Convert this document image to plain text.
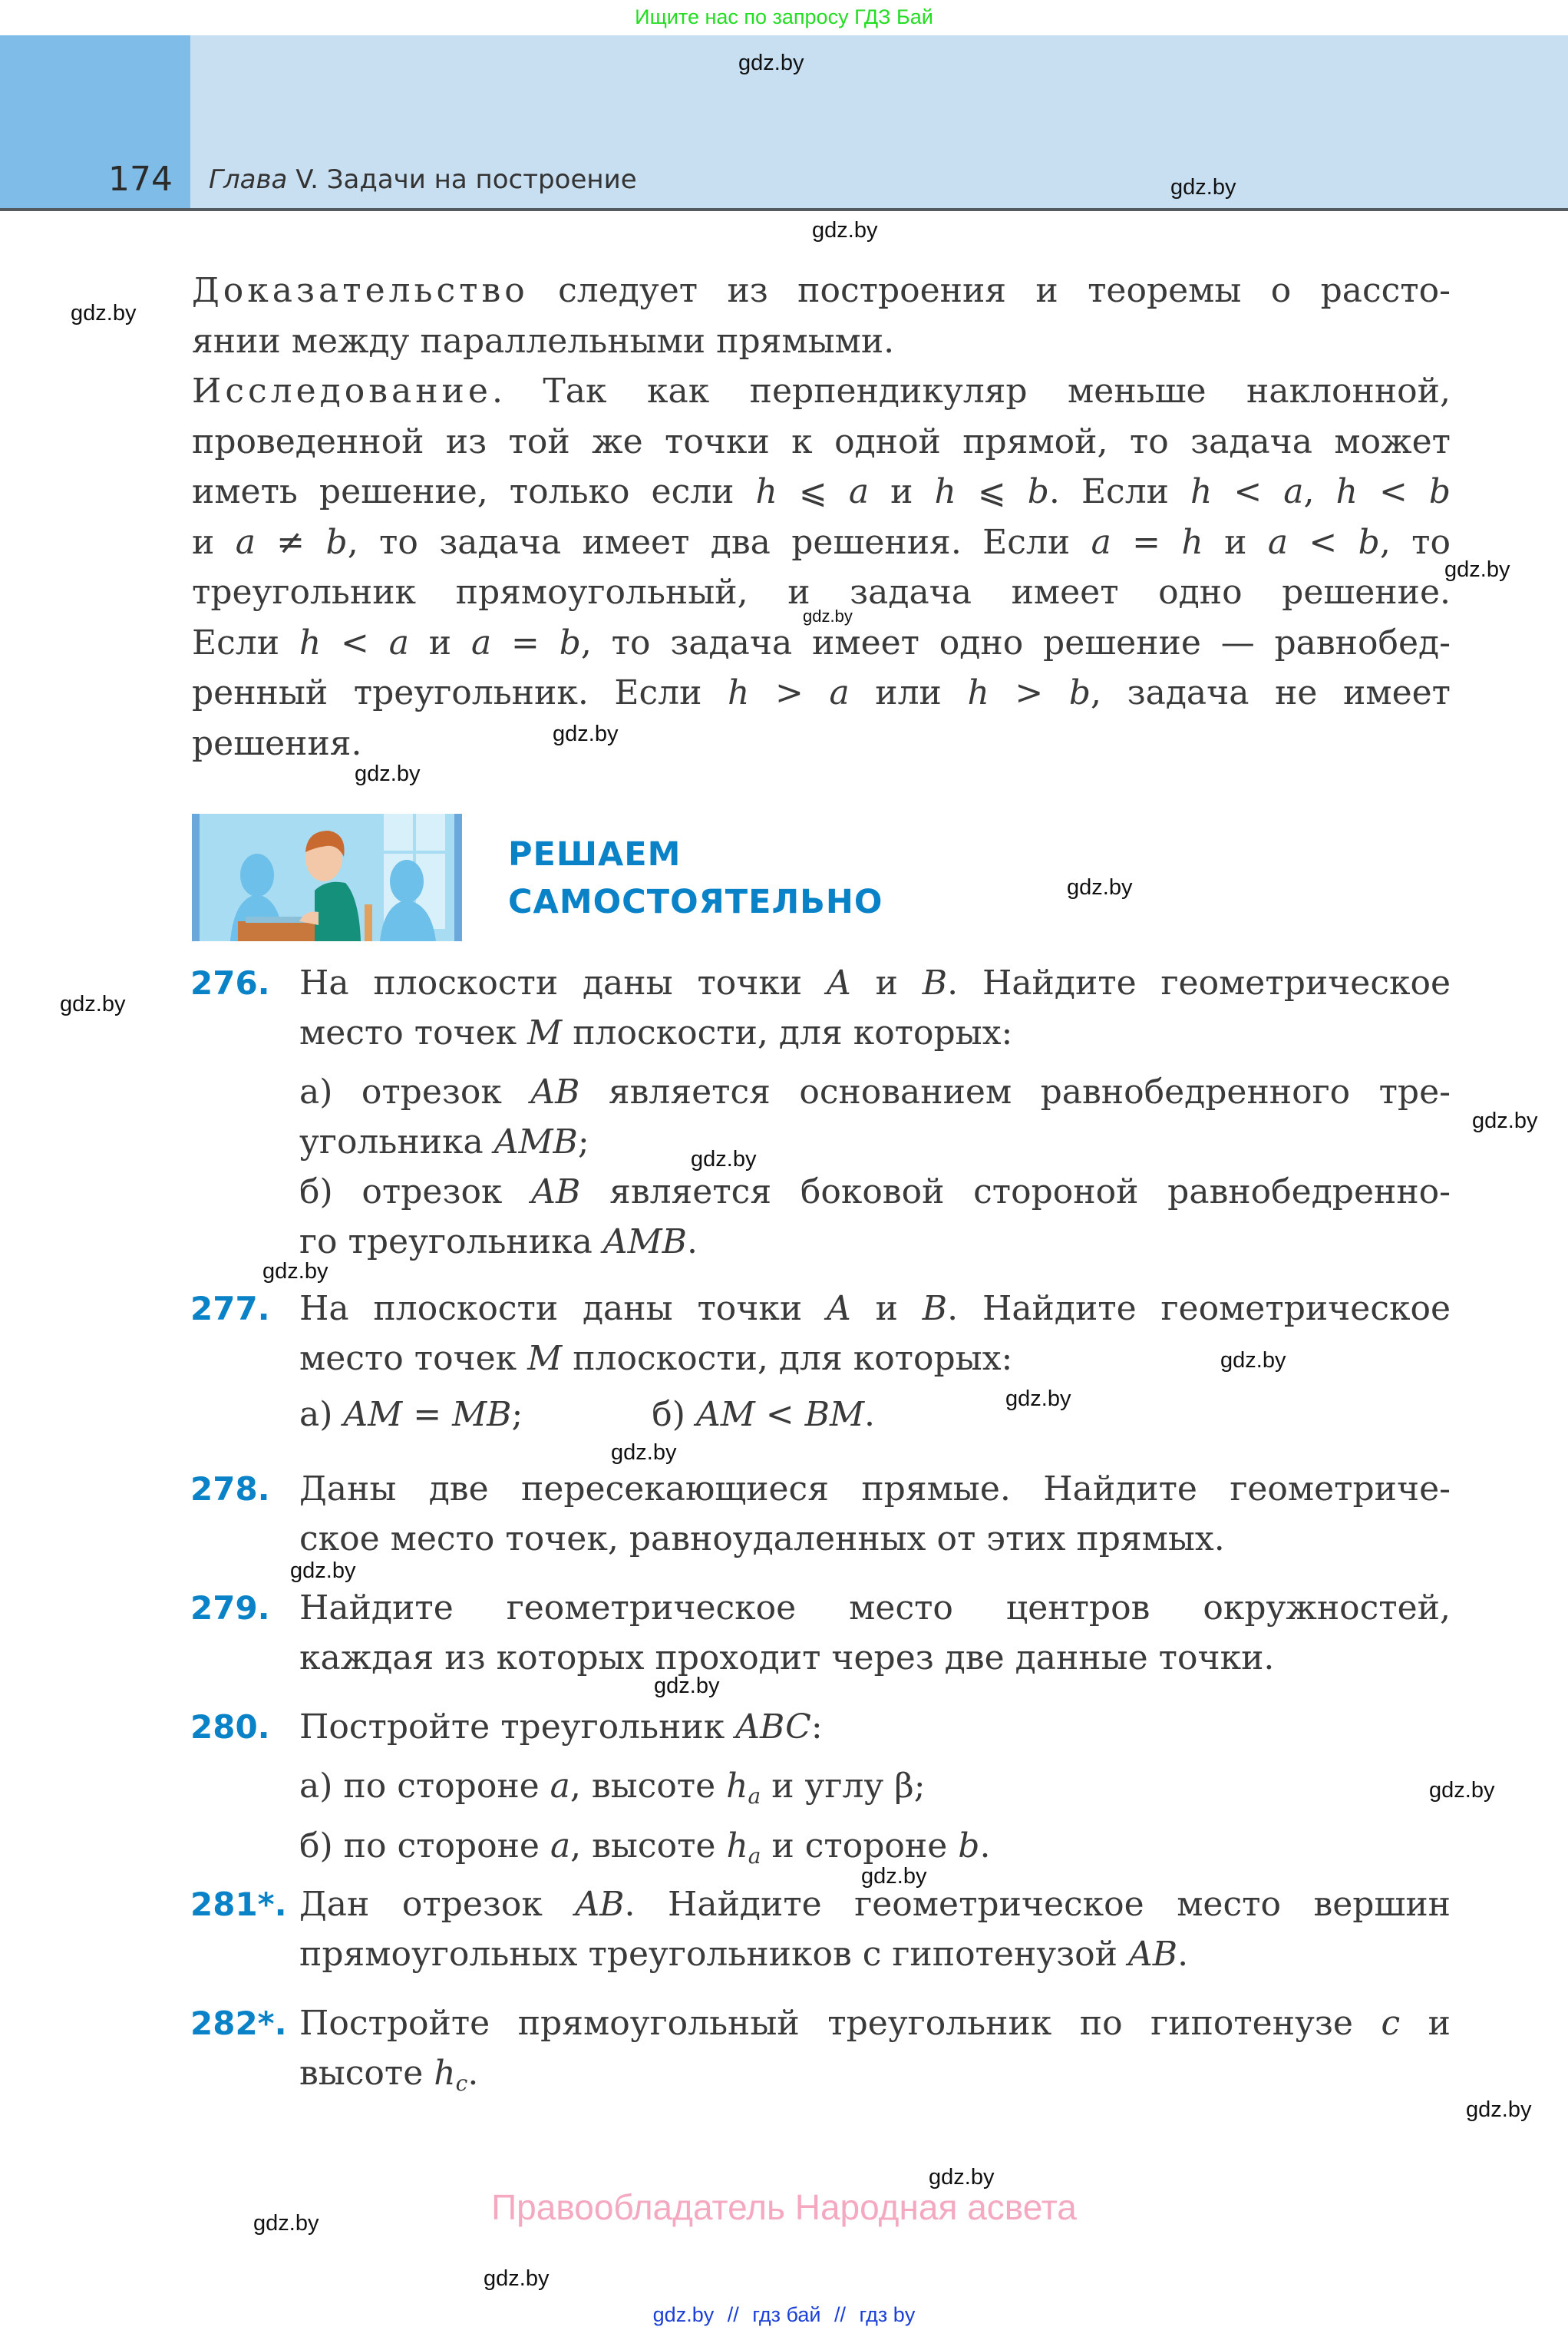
Ищите нас по запросу ГДЗ Бай
174 Глава V. Задачи на построение
gdz.by
gdz.by
gdz.by
gdz.by
gdz.by
gdz.by
gdz.by
gdz.by
gdz.by
gdz.by
gdz.by
gdz.by
gdz.by
gdz.by
gdz.by
gdz.by
gdz.by
gdz.by
gdz.by
gdz.by
gdz.by
gdz.by
gdz.by
gdz.by
Доказательство следует из построения и теоремы о рассто-
янии между параллельными прямыми.
Исследование. Так как перпендикуляр меньше наклонной,
проведенной из той же точки к одной прямой, то задача может
иметь решение, только если h ⩽ a и h ⩽ b. Если h < a, h < b
и a ≠ b, то задача имеет два решения. Если a = h и a < b, то
треугольник прямоугольный, и задача имеет одно решение.
Если h < a и a = b, то задача имеет одно решение — равнобед-
ренный треугольник. Если h > a или h > b, задача не имеет
решения.
РЕШАЕМ
САМОСТОЯТЕЛЬНО
276. На плоскости даны точки A и B. Найдите геометрическое
место точек M плоскости, для которых:
а) отрезок AB является основанием равнобедренного тре-
угольника AMB;
б) отрезок AB является боковой стороной равнобедренно-
го треугольника AMB.
277. На плоскости даны точки A и B. Найдите геометрическое
место точек M плоскости, для которых:
а) AM = MB;	б) AM < BM.
278. Даны две пересекающиеся прямые. Найдите геометриче-
ское место точек, равноудаленных от этих прямых.
279. Найдите геометрическое место центров окружностей,
каждая из которых проходит через две данные точки.
280. Постройте треугольник ABC:
а) по стороне a, высоте $h_a$ и углу β;
б) по стороне a, высоте $h_a$ и стороне b.
281*. Дан отрезок AB. Найдите геометрическое место вершин
прямоугольных треугольников с гипотенузой AB.
282*. Постройте прямоугольный треугольник по гипотенузе c и
высоте $h_c$.
Правообладатель Народная асвета
gdz.by // гдз бай // гдз by
